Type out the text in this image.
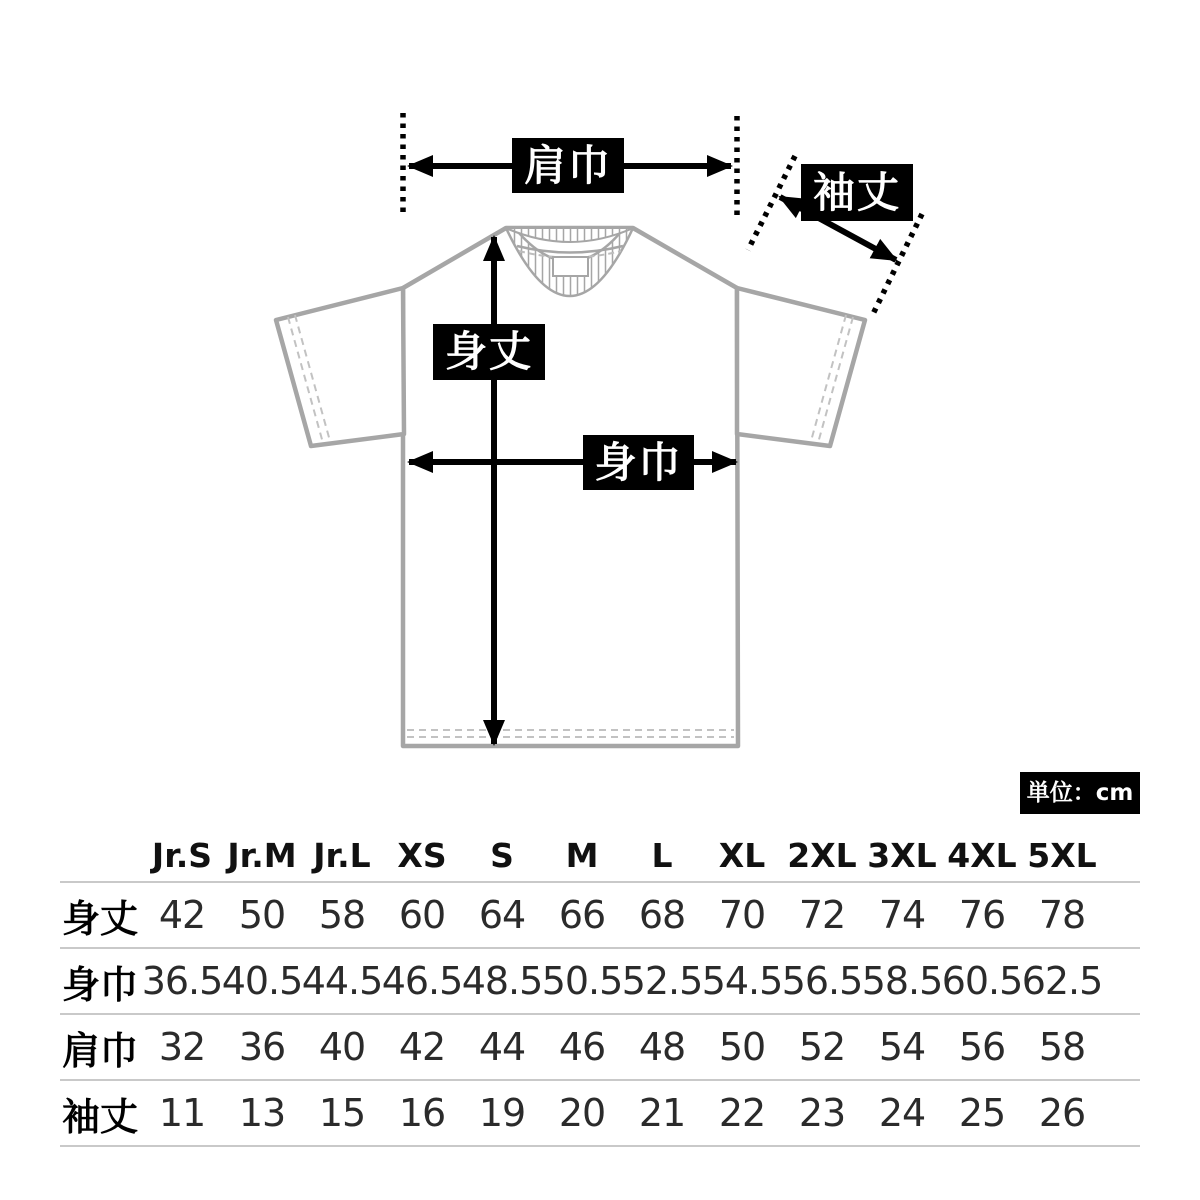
肩巾
袖丈
身丈
身巾
単位：cm
Jr.S Jr.M Jr.L XS	S	M	L	XL 2XL 3XL 4XL 5XL
身丈 42 50 58 60 64 66 68 70 72 74 76 78
身巾 36.5 40.5 44.5 46.5 48.5 50.5 52.5 54.5 56.5 58.5 60.5 62.5
肩巾 32 36 40 42 44 46 48 50 52 54 56 58
袖丈 11 13 15 16 19 20 21 22 23 24 25 26
